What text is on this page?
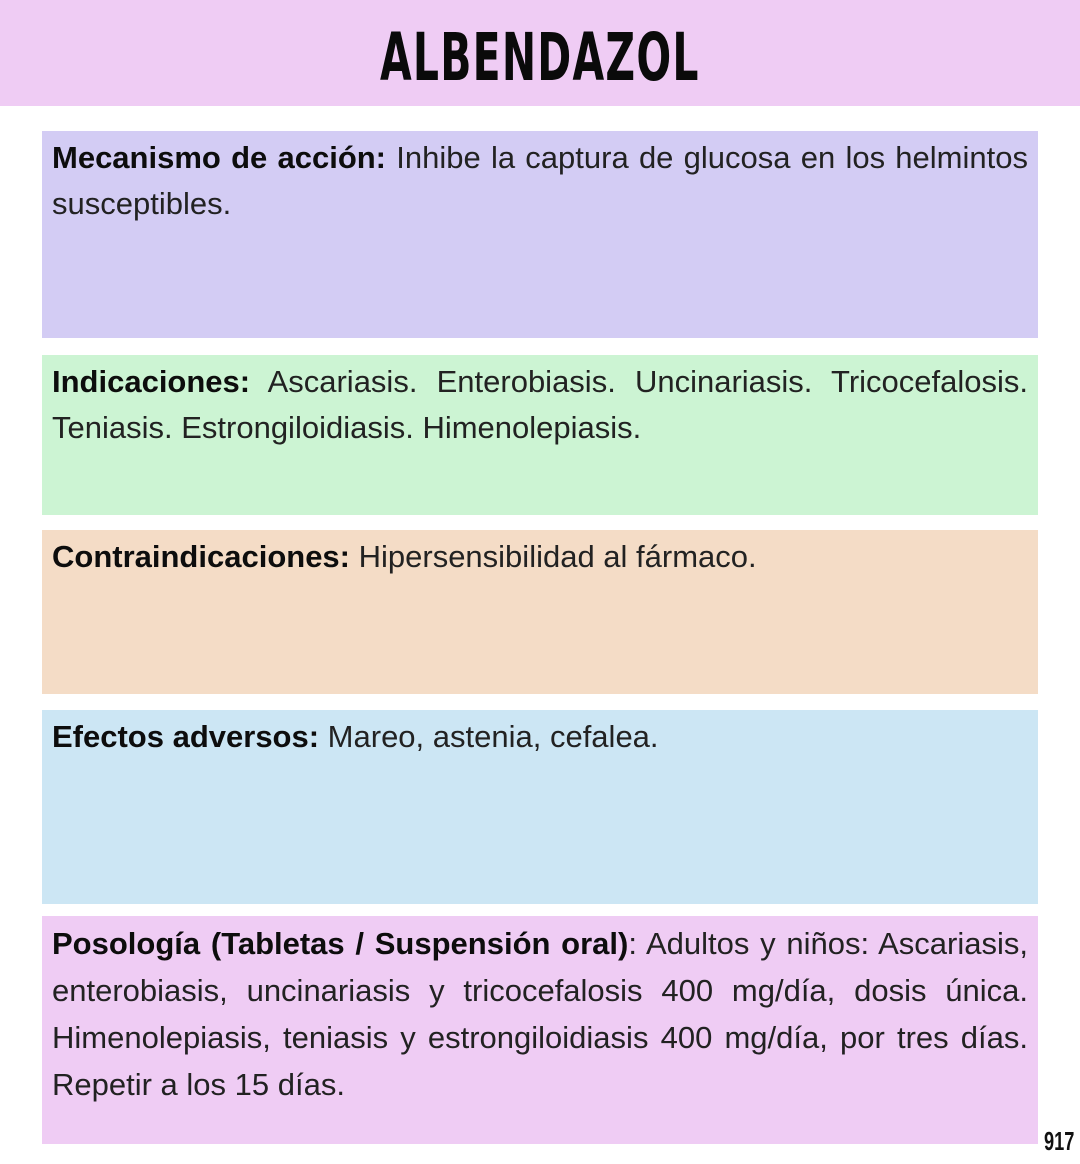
ALBENDAZOL

Mecanismo de acción: Inhibe la captura de glucosa en los helmintos susceptibles.

Indicaciones: Ascariasis. Enterobiasis. Uncinariasis. Tricocefalosis. Teniasis. Estrongiloidiasis. Himenolepiasis.

Contraindicaciones: Hipersensibilidad al fármaco.

Efectos adversos: Mareo, astenia, cefalea.

Posología (Tabletas / Suspensión oral): Adultos y niños: Ascariasis, enterobiasis, uncinariasis y tricocefalosis 400 mg/día, dosis única. Himenolepiasis, teniasis y estrongiloidiasis 400 mg/día, por tres días. Repetir a los 15 días.

917
